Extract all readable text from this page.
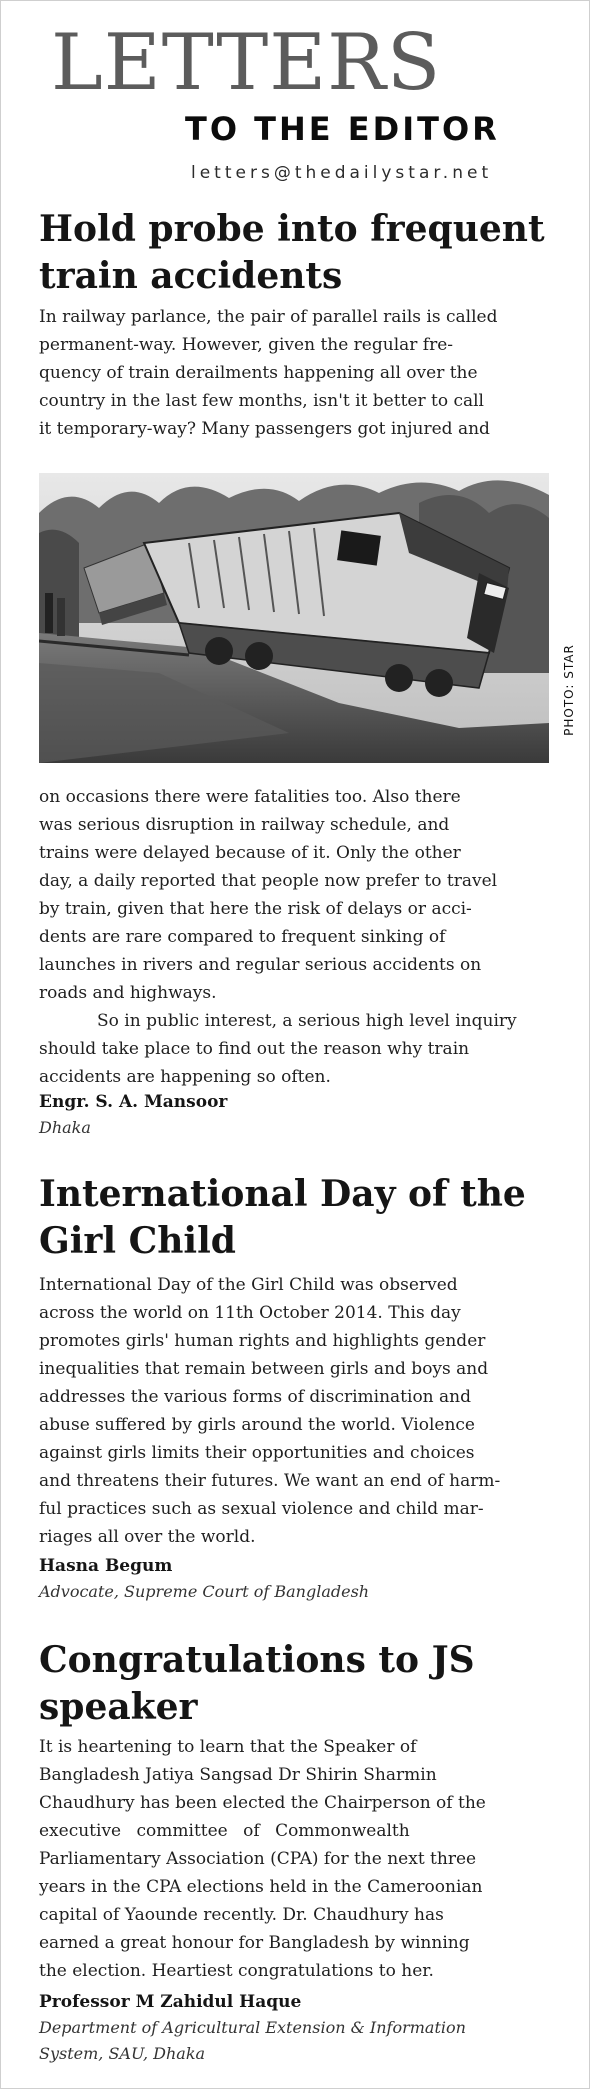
LETTERS
TO THE EDITOR
letters@thedailystar.net
Hold probe into frequent
train accidents
In railway parlance, the pair of parallel rails is called
permanent-way. However, given the regular fre-
quency of train derailments happening all over the
country in the last few months, isn't it better to call
it temporary-way? Many passengers got injured and
PHOTO: STAR
on occasions there were fatalities too. Also there
was serious disruption in railway schedule, and
trains were delayed because of it. Only the other
day, a daily reported that people now prefer to travel
by train, given that here the risk of delays or acci-
dents are rare compared to frequent sinking of
launches in rivers and regular serious accidents on
roads and highways.
So in public interest, a serious high level inquiry
should take place to find out the reason why train
accidents are happening so often.
Engr. S. A. Mansoor
Dhaka
International Day of the
Girl Child
International Day of the Girl Child was observed
across the world on 11th October 2014. This day
promotes girls' human rights and highlights gender
inequalities that remain between girls and boys and
addresses the various forms of discrimination and
abuse suffered by girls around the world. Violence
against girls limits their opportunities and choices
and threatens their futures. We want an end of harm-
ful practices such as sexual violence and child mar-
riages all over the world.
Hasna Begum
Advocate, Supreme Court of Bangladesh
Congratulations to JS
speaker
It is heartening to learn that the Speaker of
Bangladesh Jatiya Sangsad Dr Shirin Sharmin
Chaudhury has been elected the Chairperson of the
executive committee of Commonwealth
Parliamentary Association (CPA) for the next three
years in the CPA elections held in the Cameroonian
capital of Yaounde recently. Dr. Chaudhury has
earned a great honour for Bangladesh by winning
the election. Heartiest congratulations to her.
Professor M Zahidul Haque
Department of Agricultural Extension & Information
System, SAU, Dhaka
